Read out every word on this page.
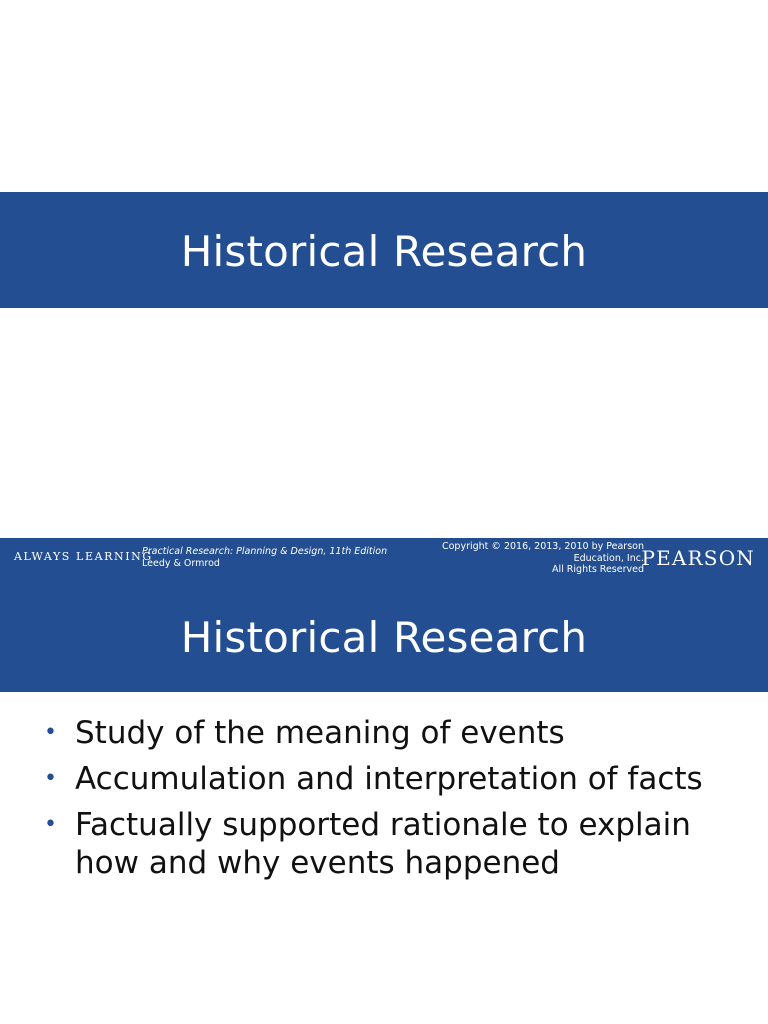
Historical Research
ALWAYS LEARNING
Practical Research: Planning & Design, 11th Edition
Leedy & Ormrod
Copyright © 2016, 2013, 2010 by Pearson
Education, Inc.
All Rights Reserved
PEARSON
Historical Research
• Study of the meaning of events
• Accumulation and interpretation of facts
• Factually supported rationale to explain how and why events happened
